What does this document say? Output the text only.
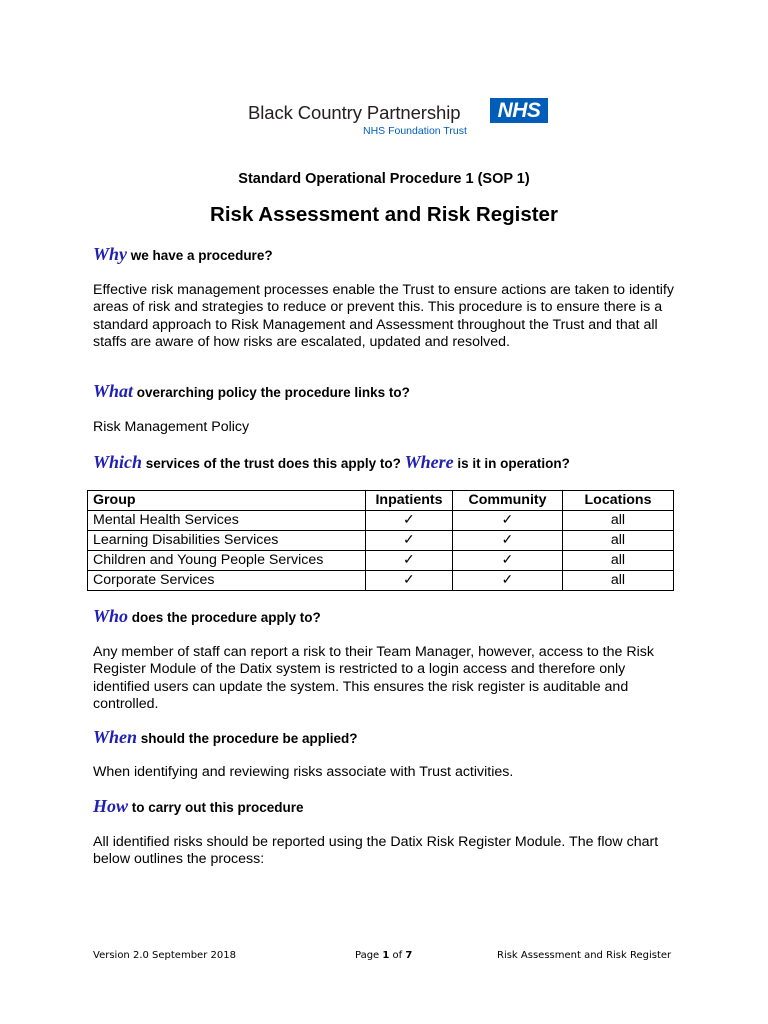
Black Country Partnership	NHS
NHS Foundation Trust
Standard Operational Procedure 1 (SOP 1)
Risk Assessment and Risk Register
Why we have a procedure?
Effective risk management processes enable the Trust to ensure actions are taken to identify areas of risk and strategies to reduce or prevent this. This procedure is to ensure there is a standard approach to Risk Management and Assessment throughout the Trust and that all staffs are aware of how risks are escalated, updated and resolved.
What overarching policy the procedure links to?
Risk Management Policy
Which services of the trust does this apply to? Where is it in operation?
Group	Inpatients	Community	Locations
Mental Health Services	✓	✓	all
Learning Disabilities Services	✓	✓	all
Children and Young People Services	✓	✓	all
Corporate Services	✓	✓	all
Who does the procedure apply to?
Any member of staff can report a risk to their Team Manager, however, access to the Risk Register Module of the Datix system is restricted to a login access and therefore only identified users can update the system. This ensures the risk register is auditable and controlled.
When should the procedure be applied?
When identifying and reviewing risks associate with Trust activities.
How to carry out this procedure
All identified risks should be reported using the Datix Risk Register Module. The flow chart below outlines the process:
Version 2.0 September 2018	Page 1 of 7	Risk Assessment and Risk Register
